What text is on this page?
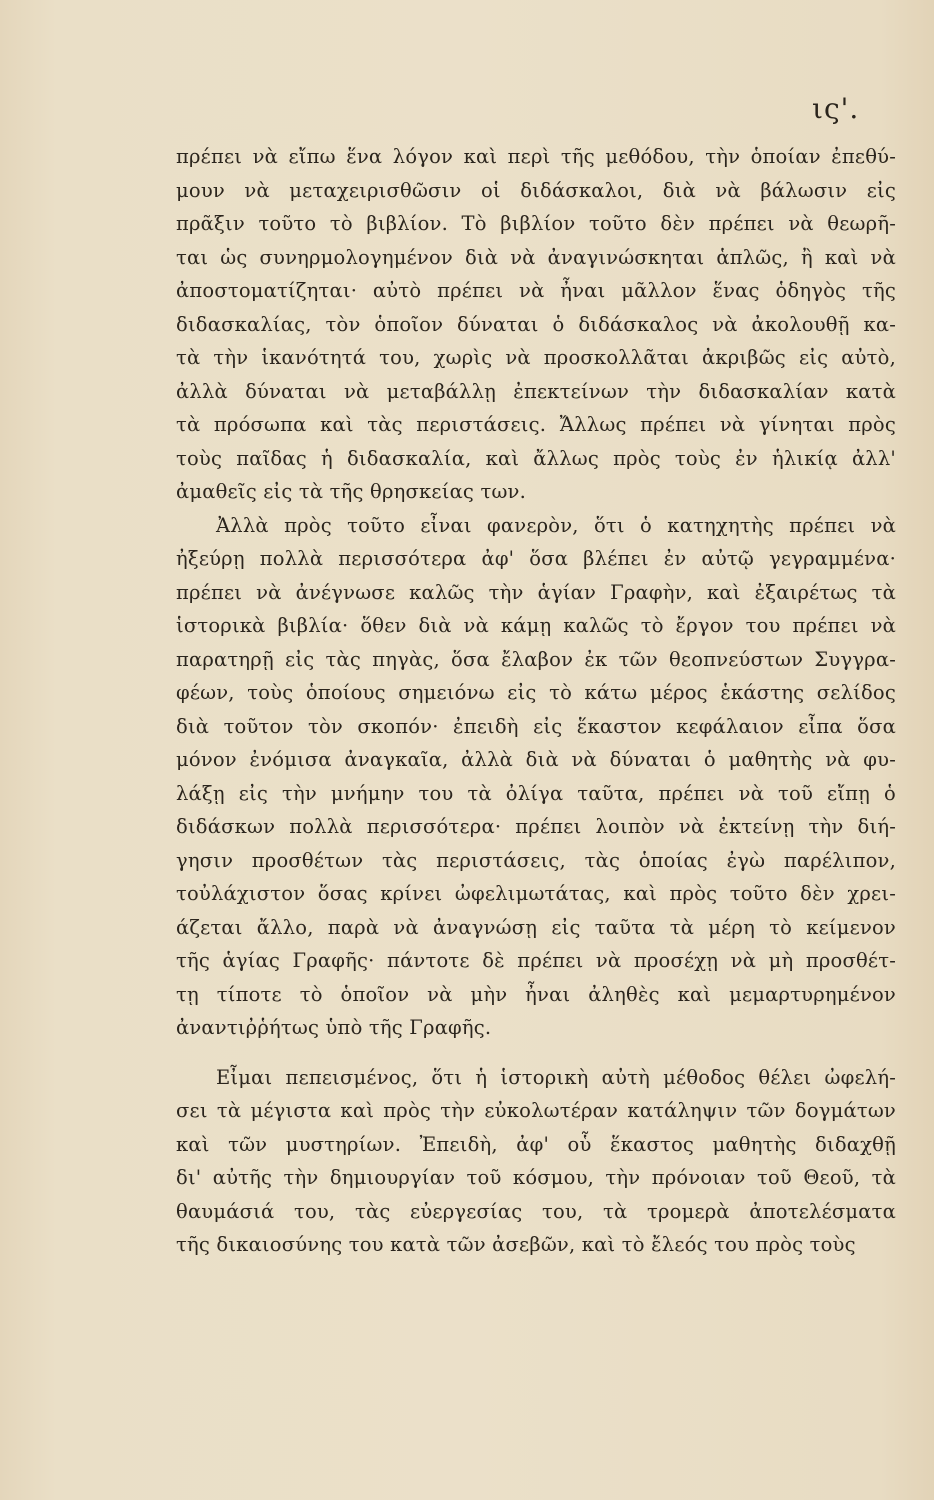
ις'.
πρέπει νὰ εἴπω ἕνα λόγον καὶ περὶ τῆς μεθόδου, τὴν ὁποίαν ἐπεθύ-
μουν νὰ μεταχειρισθῶσιν οἱ διδάσκαλοι, διὰ νὰ βάλωσιν εἰς
πρᾶξιν τοῦτο τὸ βιβλίον. Τὸ βιβλίον τοῦτο δὲν πρέπει νὰ θεωρῆ-
ται ὡς συνηρμολογημένον διὰ νὰ ἀναγινώσκηται ἁπλῶς, ἢ καὶ νὰ
ἀποστοματίζηται· αὐτὸ πρέπει νὰ ἦναι μᾶλλον ἕνας ὁδηγὸς τῆς
διδασκαλίας, τὸν ὁποῖον δύναται ὁ διδάσκαλος νὰ ἀκολουθῇ κα-
τὰ τὴν ἱκανότητά του, χωρὶς νὰ προσκολλᾶται ἀκριβῶς εἰς αὐτὸ,
ἀλλὰ δύναται νὰ μεταβάλλῃ ἐπεκτείνων τὴν διδασκαλίαν κατὰ
τὰ πρόσωπα καὶ τὰς περιστάσεις. Ἄλλως πρέπει νὰ γίνηται πρὸς
τοὺς παῖδας ἡ διδασκαλία, καὶ ἄλλως πρὸς τοὺς ἐν ἡλικίᾳ ἀλλ'
ἀμαθεῖς εἰς τὰ τῆς θρησκείας των.
Ἀλλὰ πρὸς τοῦτο εἶναι φανερὸν, ὅτι ὁ κατηχητὴς πρέπει νὰ
ἠξεύρῃ πολλὰ περισσότερα ἀφ' ὅσα βλέπει ἐν αὐτῷ γεγραμμένα·
πρέπει νὰ ἀνέγνωσε καλῶς τὴν ἁγίαν Γραφὴν, καὶ ἐξαιρέτως τὰ
ἱστορικὰ βιβλία· ὅθεν διὰ νὰ κάμῃ καλῶς τὸ ἔργον του πρέπει νὰ
παρατηρῇ εἰς τὰς πηγὰς, ὅσα ἔλαβον ἐκ τῶν θεοπνεύστων Συγγρα-
φέων, τοὺς ὁποίους σημειόνω εἰς τὸ κάτω μέρος ἑκάστης σελίδος
διὰ τοῦτον τὸν σκοπόν· ἐπειδὴ εἰς ἕκαστον κεφάλαιον εἶπα ὅσα
μόνον ἐνόμισα ἀναγκαῖα, ἀλλὰ διὰ νὰ δύναται ὁ μαθητὴς νὰ φυ-
λάξῃ εἰς τὴν μνήμην του τὰ ὀλίγα ταῦτα, πρέπει νὰ τοῦ εἴπῃ ὁ
διδάσκων πολλὰ περισσότερα· πρέπει λοιπὸν νὰ ἐκτείνῃ τὴν διή-
γησιν προσθέτων τὰς περιστάσεις, τὰς ὁποίας ἐγὼ παρέλιπον,
τοὐλάχιστον ὅσας κρίνει ὠφελιμωτάτας, καὶ πρὸς τοῦτο δὲν χρει-
άζεται ἄλλο, παρὰ νὰ ἀναγνώσῃ εἰς ταῦτα τὰ μέρη τὸ κείμενον
τῆς ἁγίας Γραφῆς· πάντοτε δὲ πρέπει νὰ προσέχῃ νὰ μὴ προσθέτ-
τῃ τίποτε τὸ ὁποῖον νὰ μὴν ἦναι ἀληθὲς καὶ μεμαρτυρημένον
ἀναντιῤῥήτως ὑπὸ τῆς Γραφῆς.
Εἶμαι πεπεισμένος, ὅτι ἡ ἱστορικὴ αὐτὴ μέθοδος θέλει ὠφελή-
σει τὰ μέγιστα καὶ πρὸς τὴν εὐκολωτέραν κατάληψιν τῶν δογμάτων
καὶ τῶν μυστηρίων. Ἐπειδὴ, ἀφ' οὗ ἕκαστος μαθητὴς διδαχθῇ
δι' αὐτῆς τὴν δημιουργίαν τοῦ κόσμου, τὴν πρόνοιαν τοῦ Θεοῦ, τὰ
θαυμάσιά του, τὰς εὐεργεσίας του, τὰ τρομερὰ ἀποτελέσματα
τῆς δικαιοσύνης του κατὰ τῶν ἀσεβῶν, καὶ τὸ ἔλεός του πρὸς τοὺς
